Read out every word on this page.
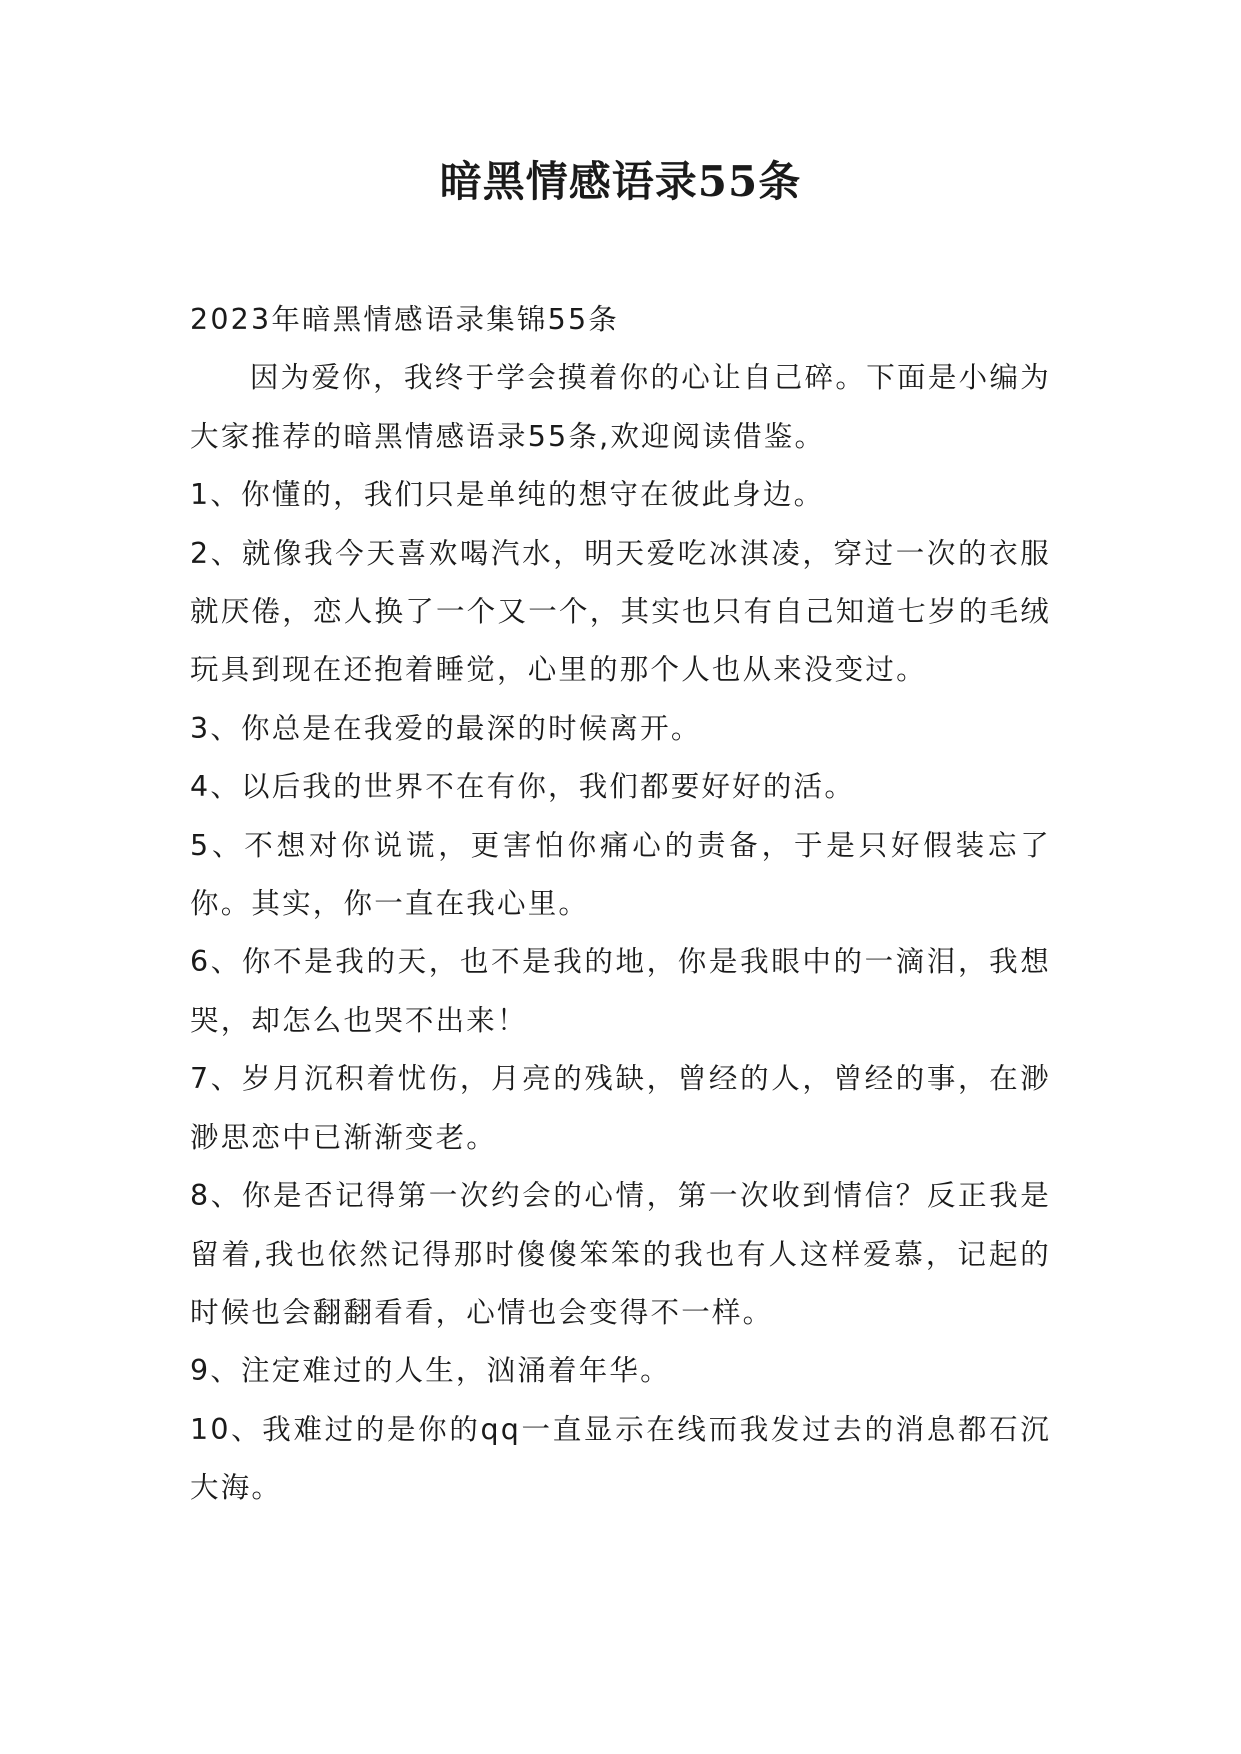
暗黑情感语录55条

2023年暗黑情感语录集锦55条

因为爱你，我终于学会摸着你的心让自己碎。下面是小编为大家推荐的暗黑情感语录55条,欢迎阅读借鉴。

1、你懂的，我们只是单纯的想守在彼此身边。

2、就像我今天喜欢喝汽水，明天爱吃冰淇凌，穿过一次的衣服就厌倦，恋人换了一个又一个，其实也只有自己知道七岁的毛绒玩具到现在还抱着睡觉，心里的那个人也从来没变过。

3、你总是在我爱的最深的时候离开。

4、以后我的世界不在有你，我们都要好好的活。

5、不想对你说谎，更害怕你痛心的责备，于是只好假装忘了你。其实，你一直在我心里。

6、你不是我的天，也不是我的地，你是我眼中的一滴泪，我想哭，却怎么也哭不出来！

7、岁月沉积着忧伤，月亮的残缺，曾经的人，曾经的事，在渺渺思恋中已渐渐变老。

8、你是否记得第一次约会的心情，第一次收到情信？反正我是留着,我也依然记得那时傻傻笨笨的我也有人这样爱慕，记起的时候也会翻翻看看，心情也会变得不一样。

9、注定难过的人生，汹涌着年华。

10、我难过的是你的qq一直显示在线而我发过去的消息都石沉大海。
